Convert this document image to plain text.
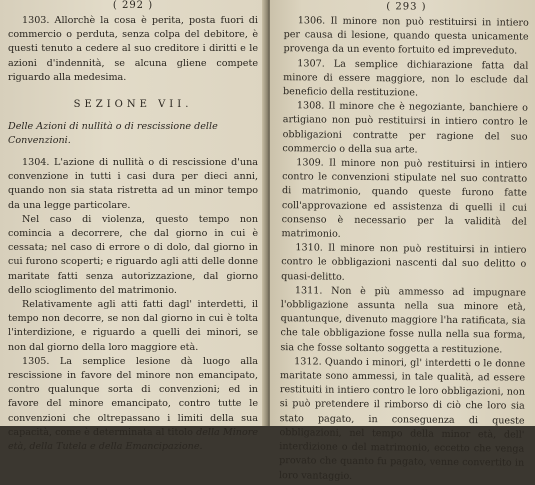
( 292 )

1303. Allorchè la cosa è perita, posta fuori di commercio o perduta, senza colpa del debitore, è questi tenuto a cedere al suo creditore i diritti e le azioni d'indennità, se alcuna gliene compete riguardo alla medesima.

SEZIONE VII.

Delle Azioni di nullità o di rescissione delle Convenzioni.

1304. L'azione di nullità o di rescissione d'una convenzione in tutti i casi dura per dieci anni, quando non sia stata ristretta ad un minor tempo da una legge particolare.

Nel caso di violenza, questo tempo non comincia a decorrere, che dal giorno in cui è cessata; nel caso di errore o di dolo, dal giorno in cui furono scoperti; e riguardo agli atti delle donne maritate fatti senza autorizzazione, dal giorno dello scioglimento del matrimonio.

Relativamente agli atti fatti dagl' interdetti, il tempo non decorre, se non dal giorno in cui è tolta l'interdizione, e riguardo a quelli dei minori, se non dal giorno della loro maggiore età.

1305. La semplice lesione dà luogo alla rescissione in favore del minore non emancipato, contro qualunque sorta di convenzioni; ed in favore del minore emancipato, contro tutte le convenzioni che oltrepassano i limiti della sua capacità, come è determinata al titolo della Minore età, della Tutela e della Emancipazione.

( 293 )

1306. Il minore non può restituirsi in intiero per causa di lesione, quando questa unicamente provenga da un evento fortuito ed impreveduto.

1307. La semplice dichiarazione fatta dal minore di essere maggiore, non lo esclude dal beneficio della restituzione.

1308. Il minore che è negoziante, banchiere o artigiano non può restituirsi in intiero contro le obbligazioni contratte per ragione del suo commercio o della sua arte.

1309. Il minore non può restituirsi in intiero contro le convenzioni stipulate nel suo contratto di matrimonio, quando queste furono fatte coll'approvazione ed assistenza di quelli il cui consenso è necessario per la validità del matrimonio.

1310. Il minore non può restituirsi in intiero contro le obbligazioni nascenti dal suo delitto o quasi-delitto.

1311. Non è più ammesso ad impugnare l'obbligazione assunta nella sua minore età, quantunque, divenuto maggiore l'ha ratificata, sia che tale obbligazione fosse nulla nella sua forma, sia che fosse soltanto soggetta a restituzione.

1312. Quando i minori, gl' interdetti o le donne maritate sono ammessi, in tale qualità, ad essere restituiti in intiero contro le loro obbligazioni, non si può pretendere il rimborso di ciò che loro sia stato pagato, in conseguenza di queste obbligazioni, nel tempo della minor età, dell' interdizione o del matrimonio, eccetto che venga provato che quanto fu pagato, venne convertito in loro vantaggio.
